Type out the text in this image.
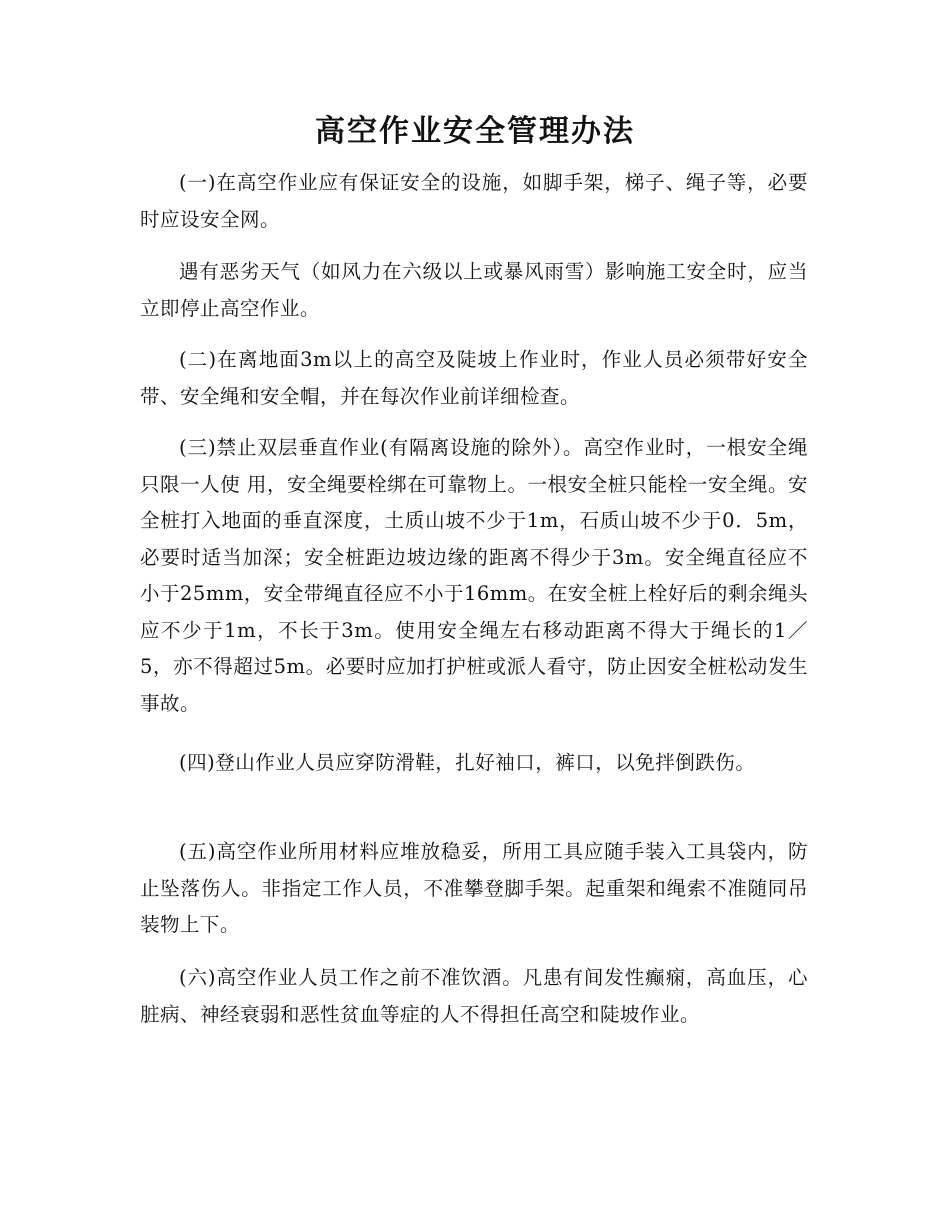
高空作业安全管理办法

(一)在高空作业应有保证安全的设施，如脚手架，梯子、绳子等，必要时应设安全网。

遇有恶劣天气（如风力在六级以上或暴风雨雪）影响施工安全时，应当立即停止高空作业。

(二)在离地面3m以上的高空及陡坡上作业时，作业人员必须带好安全带、安全绳和安全帽，并在每次作业前详细检查。

(三)禁止双层垂直作业(有隔离设施的除外）。高空作业时，一根安全绳只限一人使 用，安全绳要栓绑在可靠物上。一根安全桩只能栓一安全绳。安全桩打入地面的垂直深度，土质山坡不少于1m，石质山坡不少于0．5m，必要时适当加深；安全桩距边坡边缘的距离不得少于3m。安全绳直径应不小于25mm，安全带绳直径应不小于16mm。在安全桩上栓好后的剩余绳头应不少于1m，不长于3m。使用安全绳左右移动距离不得大于绳长的1／5，亦不得超过5m。必要时应加打护桩或派人看守，防止因安全桩松动发生事故。

(四)登山作业人员应穿防滑鞋，扎好袖口，裤口，以免拌倒跌伤。

(五)高空作业所用材料应堆放稳妥，所用工具应随手装入工具袋内，防止坠落伤人。非指定工作人员，不准攀登脚手架。起重架和绳索不准随同吊装物上下。

(六)高空作业人员工作之前不准饮酒。凡患有间发性癫痫，高血压，心脏病、神经衰弱和恶性贫血等症的人不得担任高空和陡坡作业。
